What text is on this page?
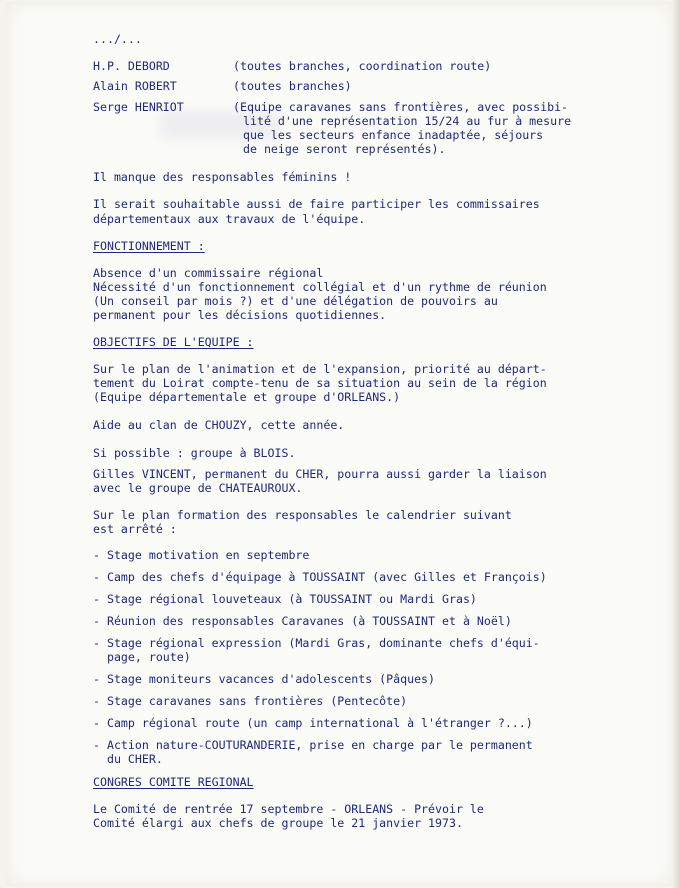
.../...
H.P. DEBORD	(toutes branches, coordination route)
Alain ROBERT	(toutes branches)
Serge HENRIOT	(Equipe caravanes sans frontières, avec possibi-
lité d'une représentation 15/24 au fur à mesure
que les secteurs enfance inadaptée, séjours
de neige seront représentés).
Il manque des responsables féminins !
Il serait souhaitable aussi de faire participer les commissaires
départementaux aux travaux de l'équipe.
FONCTIONNEMENT :
Absence d'un commissaire régional
Nécessité d'un fonctionnement collégial et d'un rythme de réunion
(Un conseil par mois ?) et d'une délégation de pouvoirs au
permanent pour les décisions quotidiennes.
OBJECTIFS DE L'EQUIPE :
Sur le plan de l'animation et de l'expansion, priorité au départ-
tement du Loirat compte-tenu de sa situation au sein de la région
(Equipe départementale et groupe d'ORLEANS.)
Aide au clan de CHOUZY, cette année.
Si possible : groupe à BLOIS.
Gilles VINCENT, permanent du CHER, pourra aussi garder la liaison
avec le groupe de CHATEAUROUX.
Sur le plan formation des responsables le calendrier suivant
est arrêté :
- Stage motivation en septembre
- Camp des chefs d'équipage à TOUSSAINT (avec Gilles et François)
- Stage régional louveteaux (à TOUSSAINT ou Mardi Gras)
- Réunion des responsables Caravanes (à TOUSSAINT et à Noël)
- Stage régional expression (Mardi Gras, dominante chefs d'équi-
page, route)
- Stage moniteurs vacances d'adolescents (Pâques)
- Stage caravanes sans frontières (Pentecôte)
- Camp régional route (un camp international à l'étranger ?...)
- Action nature-COUTURANDERIE, prise en charge par le permanent
du CHER.
CONGRES COMITE REGIONAL
Le Comité de rentrée 17 septembre - ORLEANS - Prévoir le
Comité élargi aux chefs de groupe le 21 janvier 1973.
